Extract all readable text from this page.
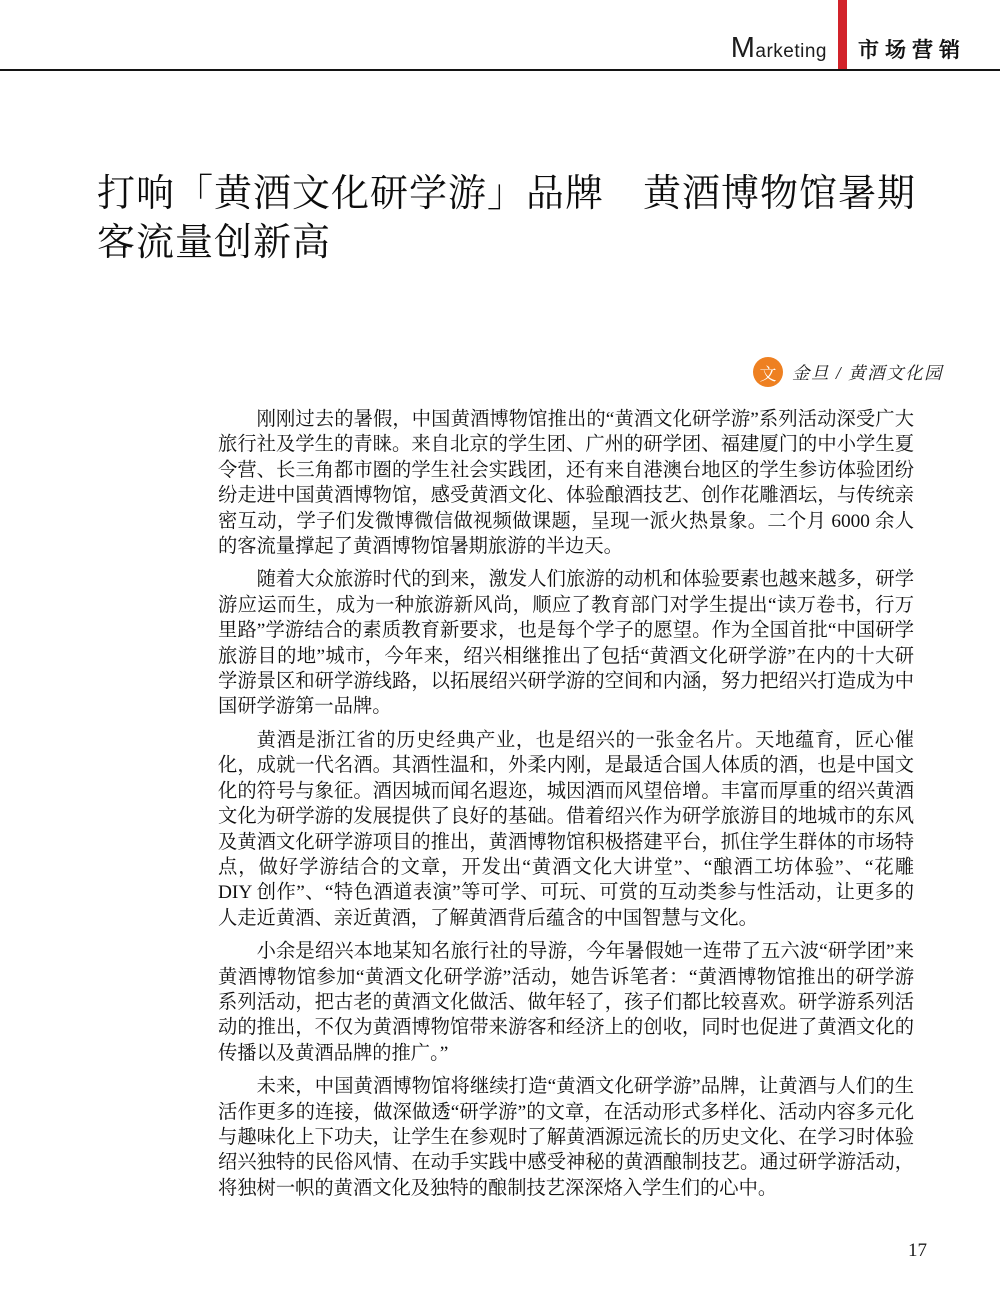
Marketing 市场营销
打响「黄酒文化研学游」品牌　黄酒博物馆暑期
客流量创新高
文 金旦 / 黄酒文化园

刚刚过去的暑假，中国黄酒博物馆推出的“黄酒文化研学游”系列活动深受广大旅行社及学生的青睐。来自北京的学生团、广州的研学团、福建厦门的中小学生夏令营、长三角都市圈的学生社会实践团，还有来自港澳台地区的学生参访体验团纷纷走进中国黄酒博物馆，感受黄酒文化、体验酿酒技艺、创作花雕酒坛，与传统亲密互动，学子们发微博微信做视频做课题，呈现一派火热景象。二个月 6000 余人的客流量撑起了黄酒博物馆暑期旅游的半边天。

随着大众旅游时代的到来，激发人们旅游的动机和体验要素也越来越多，研学游应运而生，成为一种旅游新风尚，顺应了教育部门对学生提出“读万卷书，行万里路”学游结合的素质教育新要求，也是每个学子的愿望。作为全国首批“中国研学旅游目的地”城市，今年来，绍兴相继推出了包括“黄酒文化研学游”在内的十大研学游景区和研学游线路，以拓展绍兴研学游的空间和内涵，努力把绍兴打造成为中国研学游第一品牌。

黄酒是浙江省的历史经典产业，也是绍兴的一张金名片。天地蕴育，匠心催化，成就一代名酒。其酒性温和，外柔内刚，是最适合国人体质的酒，也是中国文化的符号与象征。酒因城而闻名遐迩，城因酒而风望倍增。丰富而厚重的绍兴黄酒文化为研学游的发展提供了良好的基础。借着绍兴作为研学旅游目的地城市的东风及黄酒文化研学游项目的推出，黄酒博物馆积极搭建平台，抓住学生群体的市场特点，做好学游结合的文章，开发出“黄酒文化大讲堂”、“酿酒工坊体验”、“花雕 DIY 创作”、“特色酒道表演”等可学、可玩、可赏的互动类参与性活动，让更多的人走近黄酒、亲近黄酒，了解黄酒背后蕴含的中国智慧与文化。

小余是绍兴本地某知名旅行社的导游，今年暑假她一连带了五六波“研学团”来黄酒博物馆参加“黄酒文化研学游”活动，她告诉笔者：“黄酒博物馆推出的研学游系列活动，把古老的黄酒文化做活、做年轻了，孩子们都比较喜欢。研学游系列活动的推出，不仅为黄酒博物馆带来游客和经济上的创收，同时也促进了黄酒文化的传播以及黄酒品牌的推广。”

未来，中国黄酒博物馆将继续打造“黄酒文化研学游”品牌，让黄酒与人们的生活作更多的连接，做深做透“研学游”的文章，在活动形式多样化、活动内容多元化与趣味化上下功夫，让学生在参观时了解黄酒源远流长的历史文化、在学习时体验绍兴独特的民俗风情、在动手实践中感受神秘的黄酒酿制技艺。通过研学游活动，将独树一帜的黄酒文化及独特的酿制技艺深深烙入学生们的心中。

17
